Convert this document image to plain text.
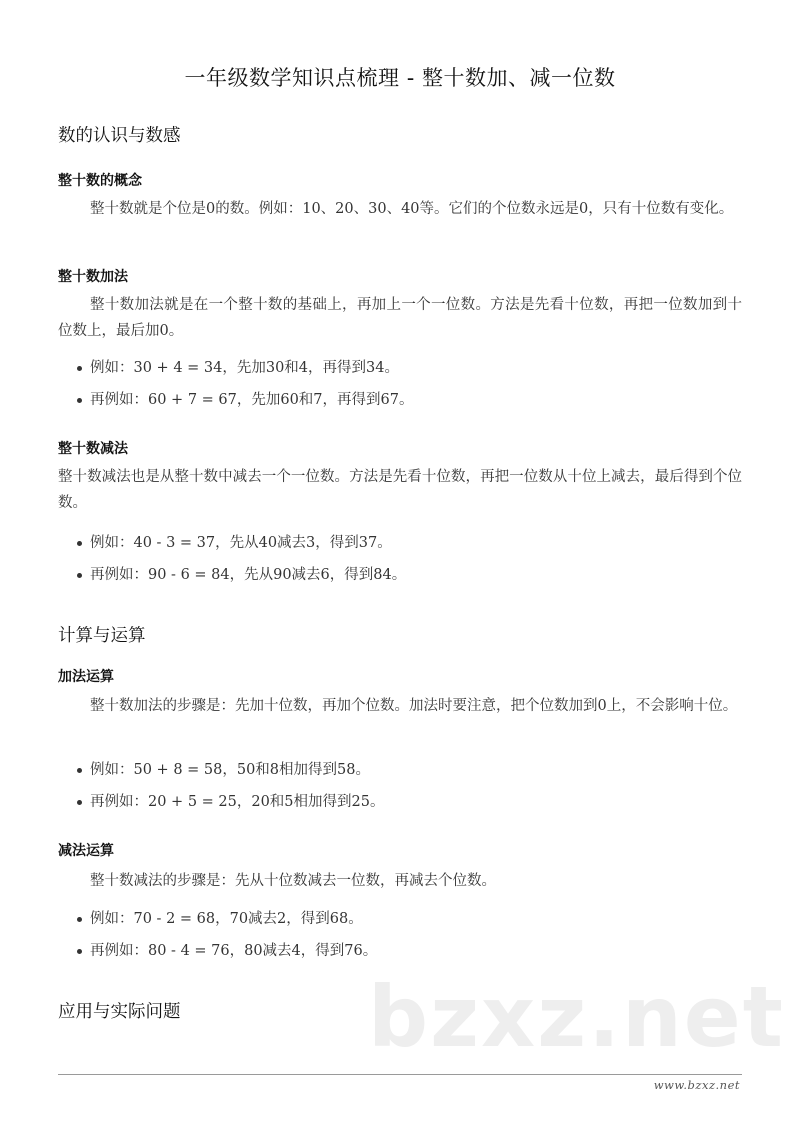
一年级数学知识点梳理 - 整十数加、减一位数
数的认识与数感
整十数的概念

整十数就是个位是0的数。例如：10、20、30、40等。它们的个位数永远是0，只有十位数有变化。

整十数加法

整十数加法就是在一个整十数的基础上，再加上一个一位数。方法是先看十位数，再把一位数加到十位数上，最后加0。

例如：30 + 4 = 34，先加30和4，再得到34。
再例如：60 + 7 = 67，先加60和7，再得到67。
整十数减法

整十数减法也是从整十数中减去一个一位数。方法是先看十位数，再把一位数从十位上减去，最后得到个位数。

例如：40 - 3 = 37，先从40减去3，得到37。
再例如：90 - 6 = 84，先从90减去6，得到84。
计算与运算
加法运算

整十数加法的步骤是：先加十位数，再加个位数。加法时要注意，把个位数加到0上，不会影响十位。

例如：50 + 8 = 58，50和8相加得到58。
再例如：20 + 5 = 25，20和5相加得到25。
减法运算

整十数减法的步骤是：先从十位数减去一位数，再减去个位数。

例如：70 - 2 = 68，70减去2，得到68。
再例如：80 - 4 = 76，80减去4，得到76。
应用与实际问题 bzxz.net
www.bzxz.net
